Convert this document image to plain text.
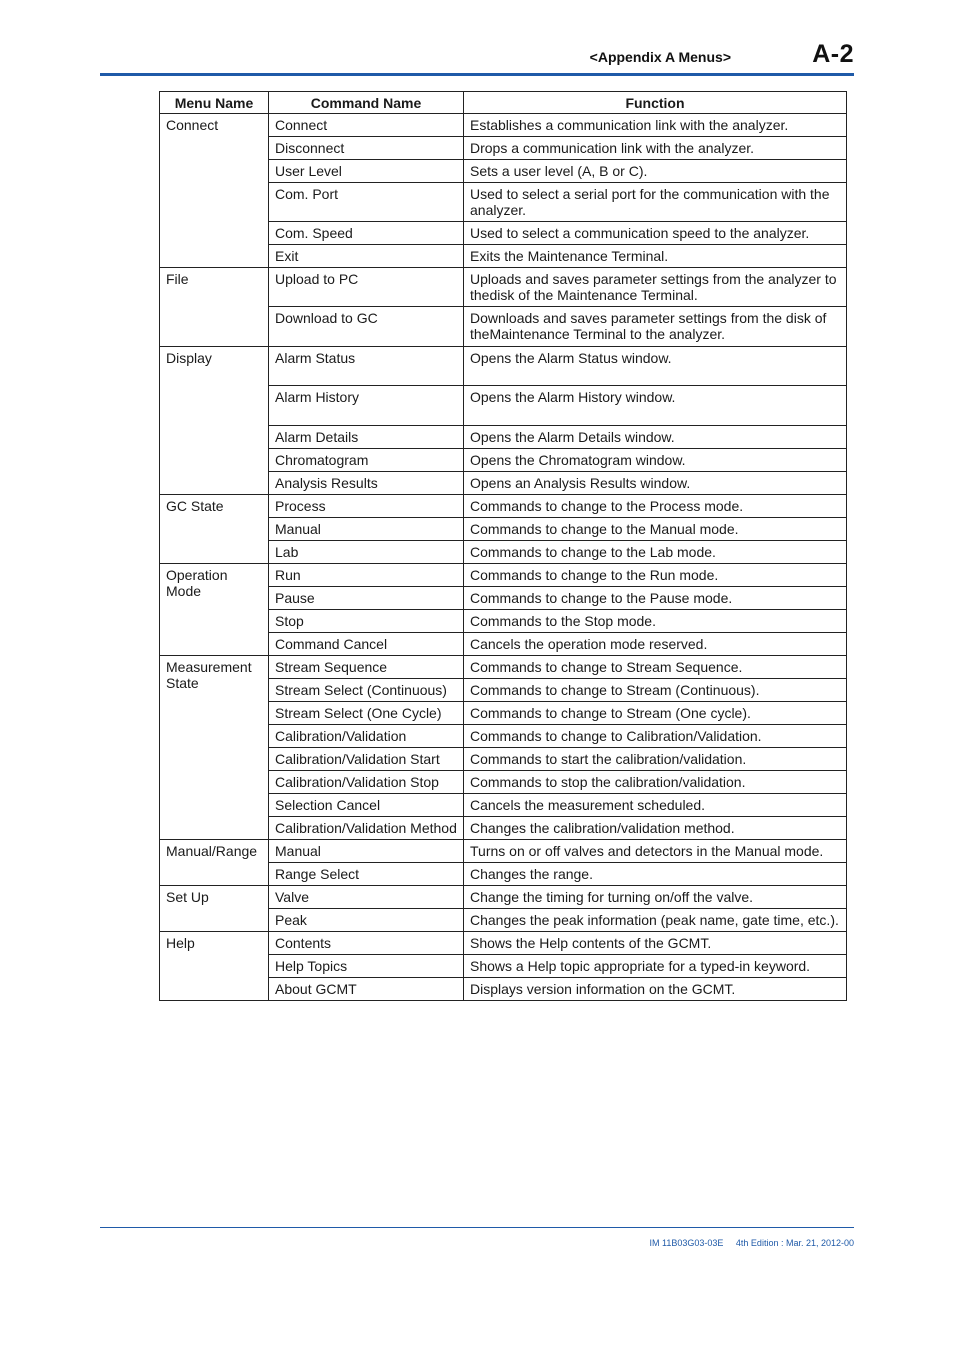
<Appendix A Menus>	A-2
Menu Name	Command Name	Function
Connect	Connect	Establishes a communication link with the analyzer.
	Disconnect	Drops a communication link with the analyzer.
	User Level	Sets a user level (A, B or C).
	Com. Port	Used to select a serial port for the communication with the analyzer.
	Com. Speed	Used to select a communication speed to the analyzer.
	Exit	Exits the Maintenance Terminal.
File	Upload to PC	Uploads and saves parameter settings from the analyzer to thedisk of the Maintenance Terminal.
	Download to GC	Downloads and saves parameter settings from the disk of theMaintenance Terminal to the analyzer.
Display	Alarm Status	Opens the Alarm Status window.
	Alarm History	Opens the Alarm History window.
	Alarm Details	Opens the Alarm Details window.
	Chromatogram	Opens the Chromatogram window.
	Analysis Results	Opens an Analysis Results window.
GC State	Process	Commands to change to the Process mode.
	Manual	Commands to change to the Manual mode.
	Lab	Commands to change to the Lab mode.
Operation Mode	Run	Commands to change to the Run mode.
	Pause	Commands to change to the Pause mode.
	Stop	Commands to the Stop mode.
	Command Cancel	Cancels the operation mode reserved.
Measurement State	Stream Sequence	Commands to change to Stream Sequence.
	Stream Select (Continuous)	Commands to change to Stream (Continuous).
	Stream Select (One Cycle)	Commands to change to Stream (One cycle).
	Calibration/Validation	Commands to change to Calibration/Validation.
	Calibration/Validation Start	Commands to start the calibration/validation.
	Calibration/Validation Stop	Commands to stop the calibration/validation.
	Selection Cancel	Cancels the measurement scheduled.
	Calibration/Validation Method	Changes the calibration/validation method.
Manual/Range	Manual	Turns on or off valves and detectors in the Manual mode.
	Range Select	Changes the range.
Set Up	Valve	Change the timing for turning on/off the valve.
	Peak	Changes the peak information (peak name, gate time, etc.).
Help	Contents	Shows the Help contents of the GCMT.
	Help Topics	Shows a Help topic appropriate for a typed-in keyword.
	About GCMT	Displays version information on the GCMT.
IM 11B03G03-03E 4th Edition : Mar. 21, 2012-00
